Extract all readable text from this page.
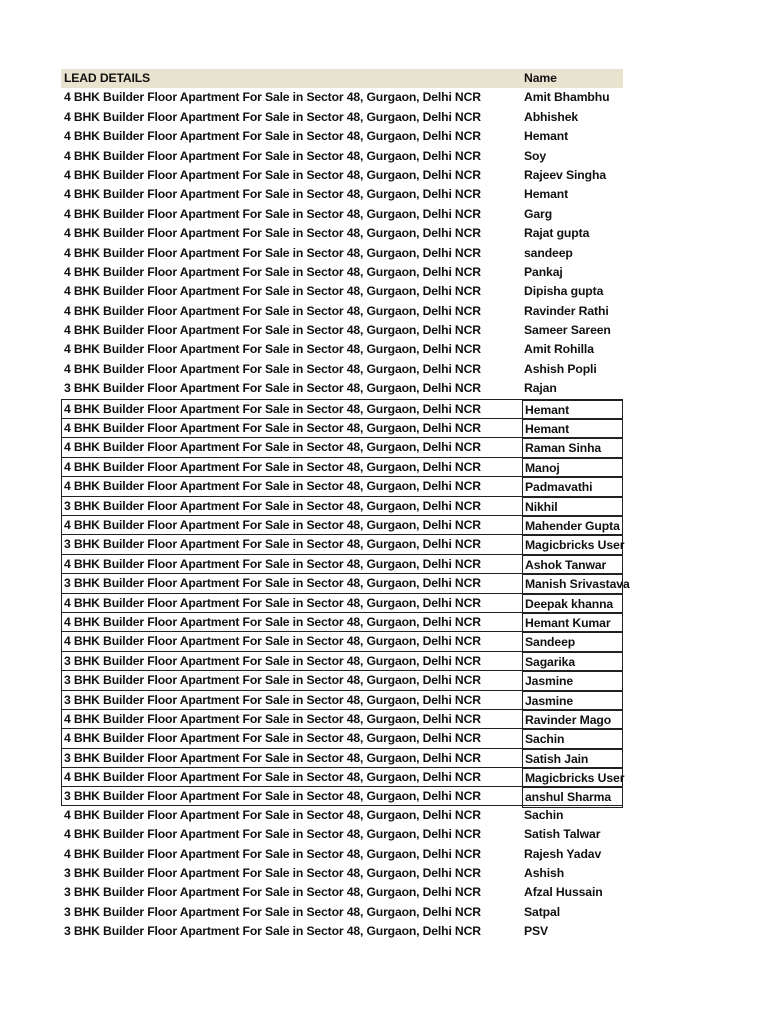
LEAD DETAILS	Name
4 BHK Builder Floor Apartment For Sale in Sector 48, Gurgaon, Delhi NCR	Amit Bhambhu
4 BHK Builder Floor Apartment For Sale in Sector 48, Gurgaon, Delhi NCR	Abhishek
4 BHK Builder Floor Apartment For Sale in Sector 48, Gurgaon, Delhi NCR	Hemant
4 BHK Builder Floor Apartment For Sale in Sector 48, Gurgaon, Delhi NCR	Soy
4 BHK Builder Floor Apartment For Sale in Sector 48, Gurgaon, Delhi NCR	Rajeev Singha
4 BHK Builder Floor Apartment For Sale in Sector 48, Gurgaon, Delhi NCR	Hemant
4 BHK Builder Floor Apartment For Sale in Sector 48, Gurgaon, Delhi NCR	Garg
4 BHK Builder Floor Apartment For Sale in Sector 48, Gurgaon, Delhi NCR	Rajat gupta
4 BHK Builder Floor Apartment For Sale in Sector 48, Gurgaon, Delhi NCR	sandeep
4 BHK Builder Floor Apartment For Sale in Sector 48, Gurgaon, Delhi NCR	Pankaj
4 BHK Builder Floor Apartment For Sale in Sector 48, Gurgaon, Delhi NCR	Dipisha gupta
4 BHK Builder Floor Apartment For Sale in Sector 48, Gurgaon, Delhi NCR	Ravinder Rathi
4 BHK Builder Floor Apartment For Sale in Sector 48, Gurgaon, Delhi NCR	Sameer Sareen
4 BHK Builder Floor Apartment For Sale in Sector 48, Gurgaon, Delhi NCR	Amit Rohilla
4 BHK Builder Floor Apartment For Sale in Sector 48, Gurgaon, Delhi NCR	Ashish Popli
3 BHK Builder Floor Apartment For Sale in Sector 48, Gurgaon, Delhi NCR	Rajan
4 BHK Builder Floor Apartment For Sale in Sector 48, Gurgaon, Delhi NCR	Hemant
4 BHK Builder Floor Apartment For Sale in Sector 48, Gurgaon, Delhi NCR	Hemant
4 BHK Builder Floor Apartment For Sale in Sector 48, Gurgaon, Delhi NCR	Raman Sinha
4 BHK Builder Floor Apartment For Sale in Sector 48, Gurgaon, Delhi NCR	Manoj
4 BHK Builder Floor Apartment For Sale in Sector 48, Gurgaon, Delhi NCR	Padmavathi
3 BHK Builder Floor Apartment For Sale in Sector 48, Gurgaon, Delhi NCR	Nikhil
4 BHK Builder Floor Apartment For Sale in Sector 48, Gurgaon, Delhi NCR	Mahender Gupta
3 BHK Builder Floor Apartment For Sale in Sector 48, Gurgaon, Delhi NCR	Magicbricks User
4 BHK Builder Floor Apartment For Sale in Sector 48, Gurgaon, Delhi NCR	Ashok Tanwar
3 BHK Builder Floor Apartment For Sale in Sector 48, Gurgaon, Delhi NCR	Manish Srivastava
4 BHK Builder Floor Apartment For Sale in Sector 48, Gurgaon, Delhi NCR	Deepak khanna
4 BHK Builder Floor Apartment For Sale in Sector 48, Gurgaon, Delhi NCR	Hemant Kumar
4 BHK Builder Floor Apartment For Sale in Sector 48, Gurgaon, Delhi NCR	Sandeep
3 BHK Builder Floor Apartment For Sale in Sector 48, Gurgaon, Delhi NCR	Sagarika
3 BHK Builder Floor Apartment For Sale in Sector 48, Gurgaon, Delhi NCR	Jasmine
3 BHK Builder Floor Apartment For Sale in Sector 48, Gurgaon, Delhi NCR	Jasmine
4 BHK Builder Floor Apartment For Sale in Sector 48, Gurgaon, Delhi NCR	Ravinder Mago
4 BHK Builder Floor Apartment For Sale in Sector 48, Gurgaon, Delhi NCR	Sachin
3 BHK Builder Floor Apartment For Sale in Sector 48, Gurgaon, Delhi NCR	Satish Jain
4 BHK Builder Floor Apartment For Sale in Sector 48, Gurgaon, Delhi NCR	Magicbricks User
3 BHK Builder Floor Apartment For Sale in Sector 48, Gurgaon, Delhi NCR	anshul Sharma
4 BHK Builder Floor Apartment For Sale in Sector 48, Gurgaon, Delhi NCR	Sachin
4 BHK Builder Floor Apartment For Sale in Sector 48, Gurgaon, Delhi NCR	Satish Talwar
4 BHK Builder Floor Apartment For Sale in Sector 48, Gurgaon, Delhi NCR	Rajesh Yadav
3 BHK Builder Floor Apartment For Sale in Sector 48, Gurgaon, Delhi NCR	Ashish
3 BHK Builder Floor Apartment For Sale in Sector 48, Gurgaon, Delhi NCR	Afzal Hussain
3 BHK Builder Floor Apartment For Sale in Sector 48, Gurgaon, Delhi NCR	Satpal
3 BHK Builder Floor Apartment For Sale in Sector 48, Gurgaon, Delhi NCR	PSV
